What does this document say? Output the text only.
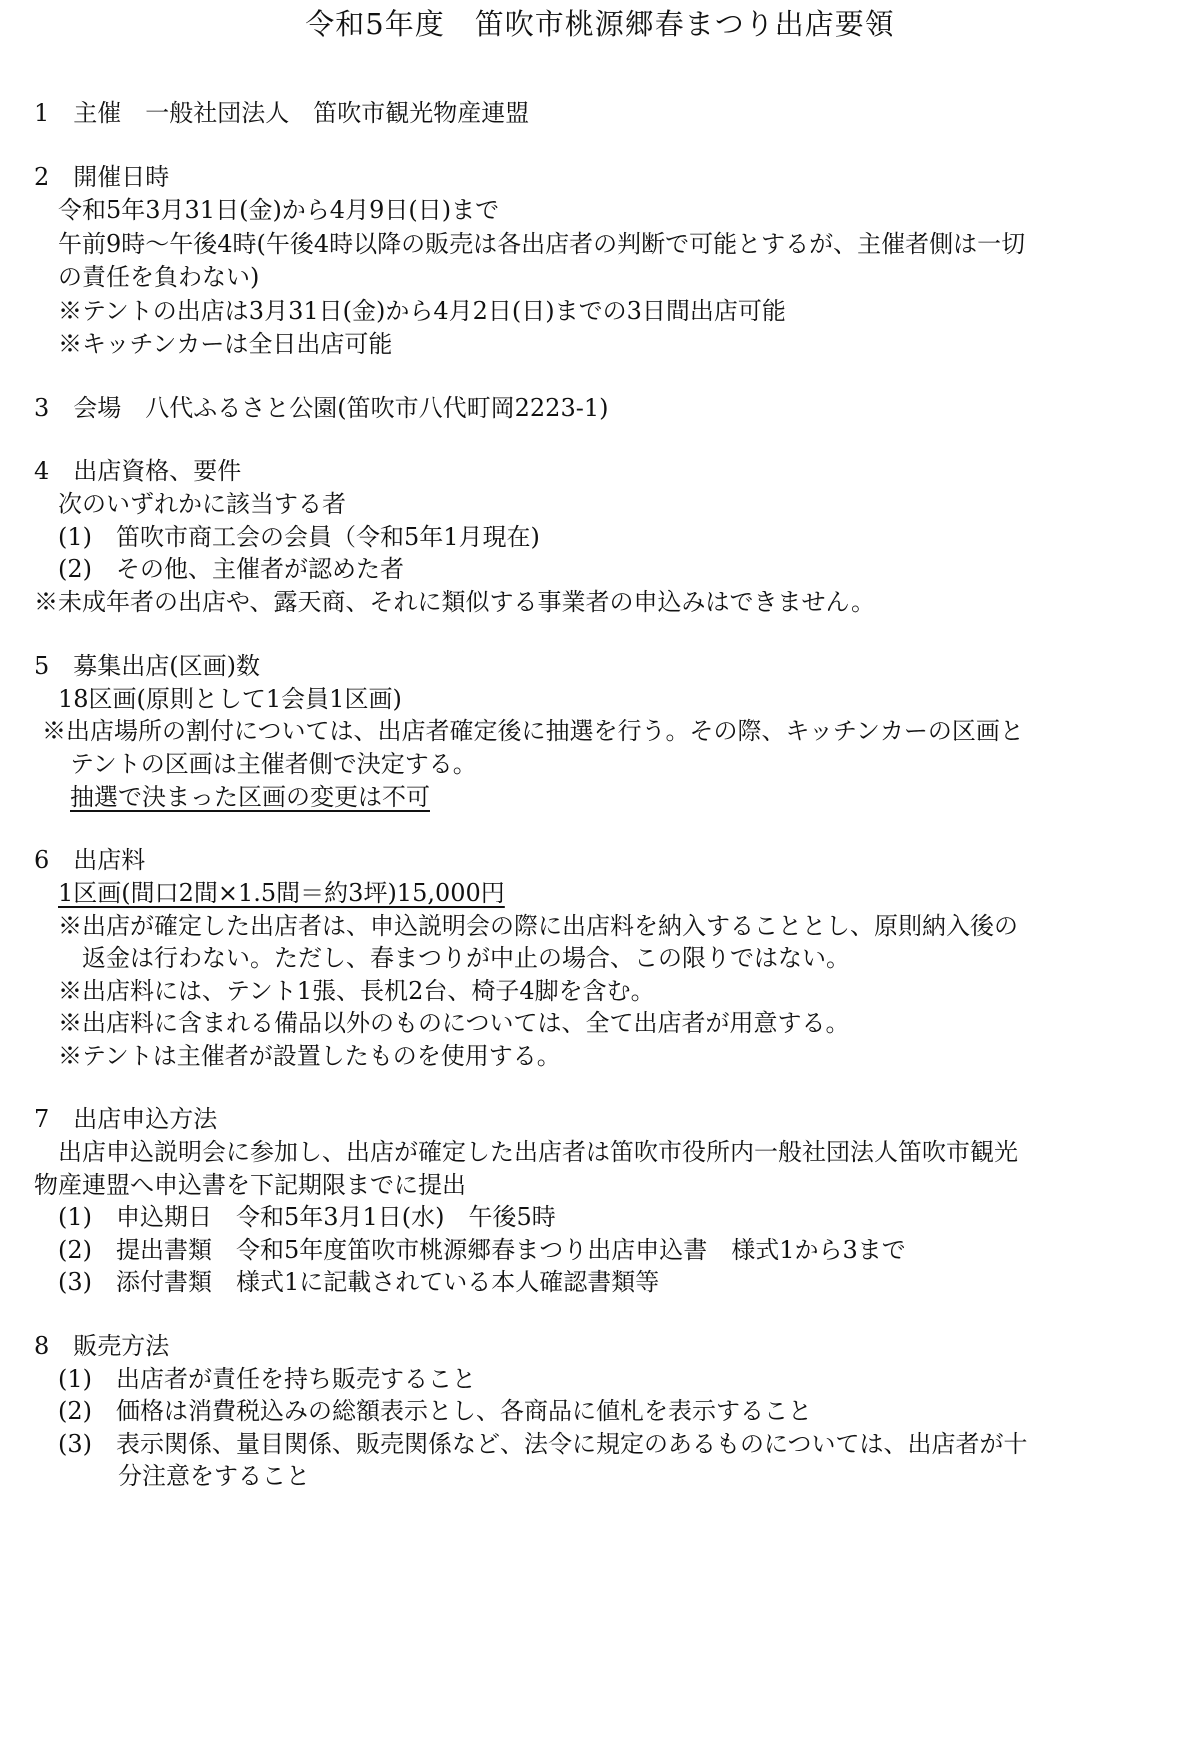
令和5年度　笛吹市桃源郷春まつり出店要領
1　主催　一般社団法人　笛吹市観光物産連盟
2　開催日時
令和5年3月31日(金)から4月9日(日)まで
午前9時～午後4時(午後4時以降の販売は各出店者の判断で可能とするが、主催者側は一切
の責任を負わない)
※テントの出店は3月31日(金)から4月2日(日)までの3日間出店可能
※キッチンカーは全日出店可能
3　会場　八代ふるさと公園(笛吹市八代町岡2223-1)
4　出店資格、要件
次のいずれかに該当する者
(1)　笛吹市商工会の会員（令和5年1月現在)
(2)　その他、主催者が認めた者
※未成年者の出店や、露天商、それに類似する事業者の申込みはできません。
5　募集出店(区画)数
18区画(原則として1会員1区画)
※出店場所の割付については、出店者確定後に抽選を行う。その際、キッチンカーの区画と
テントの区画は主催者側で決定する。
抽選で決まった区画の変更は不可
6　出店料
1区画(間口2間×1.5間＝約3坪)15,000円
※出店が確定した出店者は、申込説明会の際に出店料を納入することとし、原則納入後の
返金は行わない。ただし、春まつりが中止の場合、この限りではない。
※出店料には、テント1張、長机2台、椅子4脚を含む。
※出店料に含まれる備品以外のものについては、全て出店者が用意する。
※テントは主催者が設置したものを使用する。
7　出店申込方法
出店申込説明会に参加し、出店が確定した出店者は笛吹市役所内一般社団法人笛吹市観光
物産連盟へ申込書を下記期限までに提出
(1)　申込期日　令和5年3月1日(水)　午後5時
(2)　提出書類　令和5年度笛吹市桃源郷春まつり出店申込書　様式1から3まで
(3)　添付書類　様式1に記載されている本人確認書類等
8　販売方法
(1)　出店者が責任を持ち販売すること
(2)　価格は消費税込みの総額表示とし、各商品に値札を表示すること
(3)　表示関係、量目関係、販売関係など、法令に規定のあるものについては、出店者が十
分注意をすること
